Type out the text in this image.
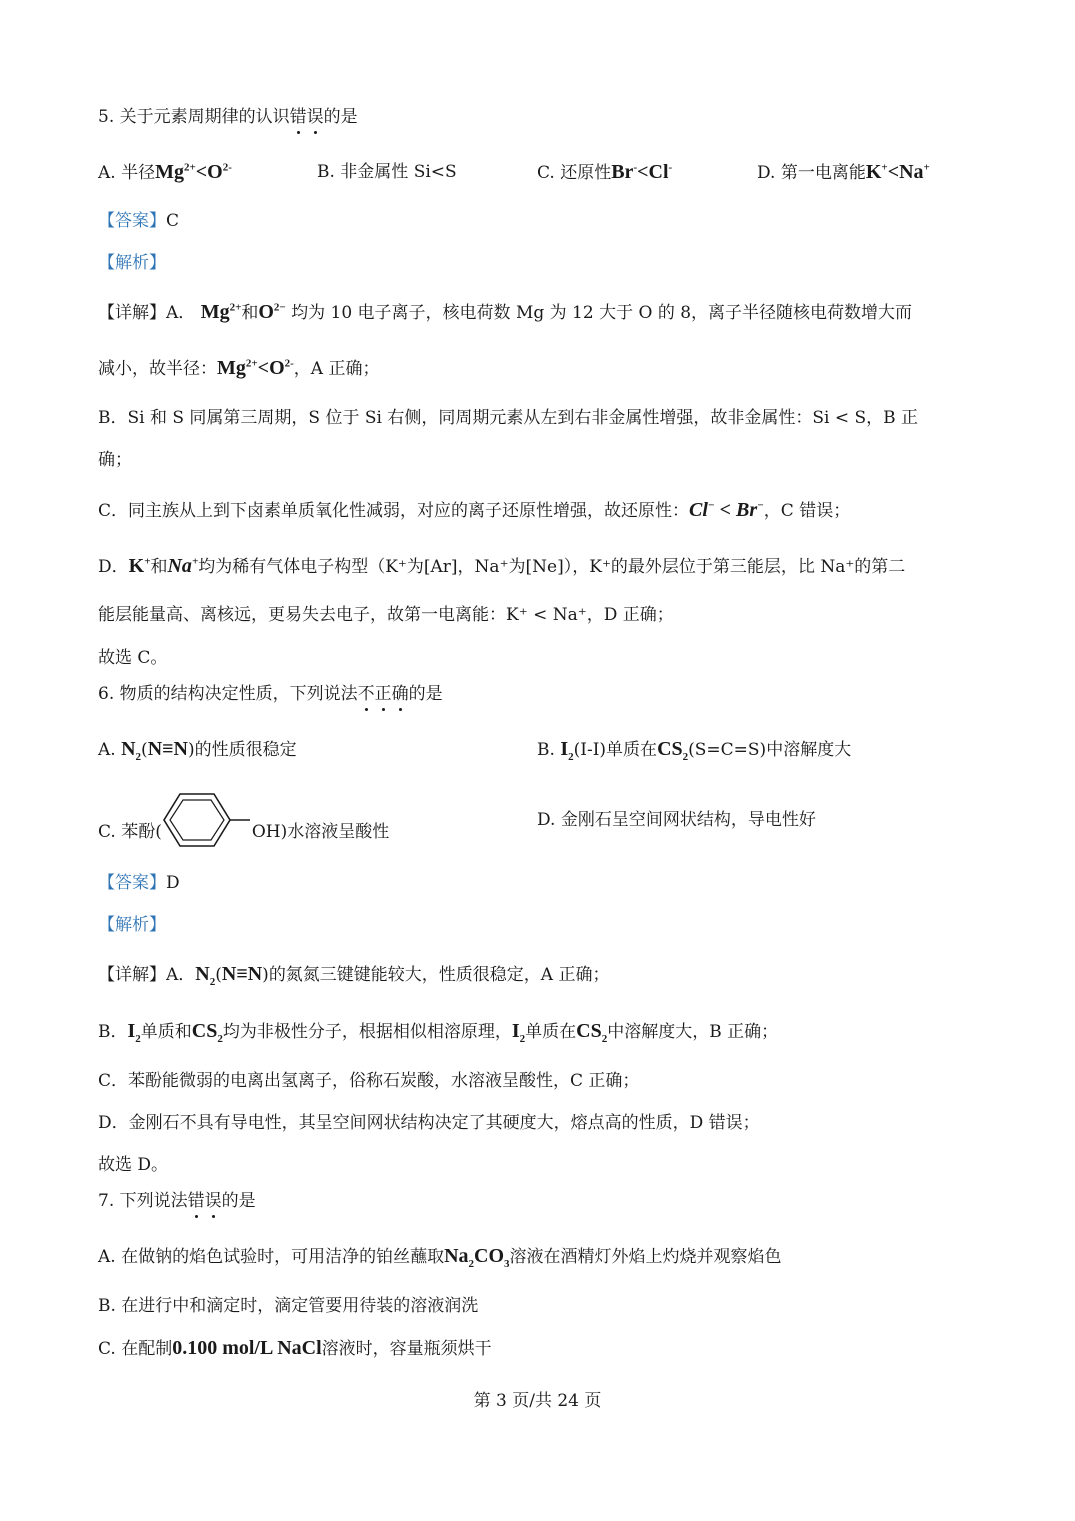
5. 关于元素周期律的认识错误的是
A. 半径$Mg^{2+}<O^{2-}$	B. 非金属性 Si<S	C. 还原性Br-<Cl-	D. 第一电离能K+<Na+
【答案】C
【解析】
【详解】A． $Mg^{2+}$和$O^{2-}$ 均为 10 电子离子，核电荷数 Mg 为 12 大于 O 的 8，离子半径随核电荷数增大而
减小，故半径：$Mg^{2+}<O^{2-}$，A 正确；
B．Si 和 S 同属第三周期，S 位于 Si 右侧，同周期元素从左到右非金属性增强，故非金属性：Si < S，B 正
确；
C．同主族从上到下卤素单质氧化性减弱，对应的离子还原性增强，故还原性：Cl− < Br−，C 错误；
D．K+和Na+均为稀有气体电子构型（K⁺为[Ar]，Na⁺为[Ne]），K⁺的最外层位于第三能层，比 Na⁺的第二
能层能量高、离核远，更易失去电子，故第一电离能：K⁺ < Na⁺，D 正确；
故选 C。
6. 物质的结构决定性质，下列说法不正确的是
A. $N_2(N\equiv N)$的性质很稳定	B. $I_2(I-I)$单质在$CS_2(S=C=S)$中溶解度大
C. 苯酚(	OH)水溶液呈酸性
D. 金刚石呈空间网状结构，导电性好
【答案】D
【解析】
【详解】A．$N_2(N\equiv N)$的氮氮三键键能较大，性质很稳定，A 正确；
B．$I_2$单质和$CS_2$均为非极性分子，根据相似相溶原理，$I_2$单质在$CS_2$中溶解度大，B 正确；
C．苯酚能微弱的电离出氢离子，俗称石炭酸，水溶液呈酸性，C 正确；
D．金刚石不具有导电性，其呈空间网状结构决定了其硬度大，熔点高的性质，D 错误；
故选 D。
7. 下列说法错误的是
A. 在做钠的焰色试验时，可用洁净的铂丝蘸取$Na_2CO_3$溶液在酒精灯外焰上灼烧并观察焰色
B. 在进行中和滴定时，滴定管要用待装的溶液润洗
C. 在配制0.100 mol/L NaCl溶液时，容量瓶须烘干
第 3 页/共 24 页
